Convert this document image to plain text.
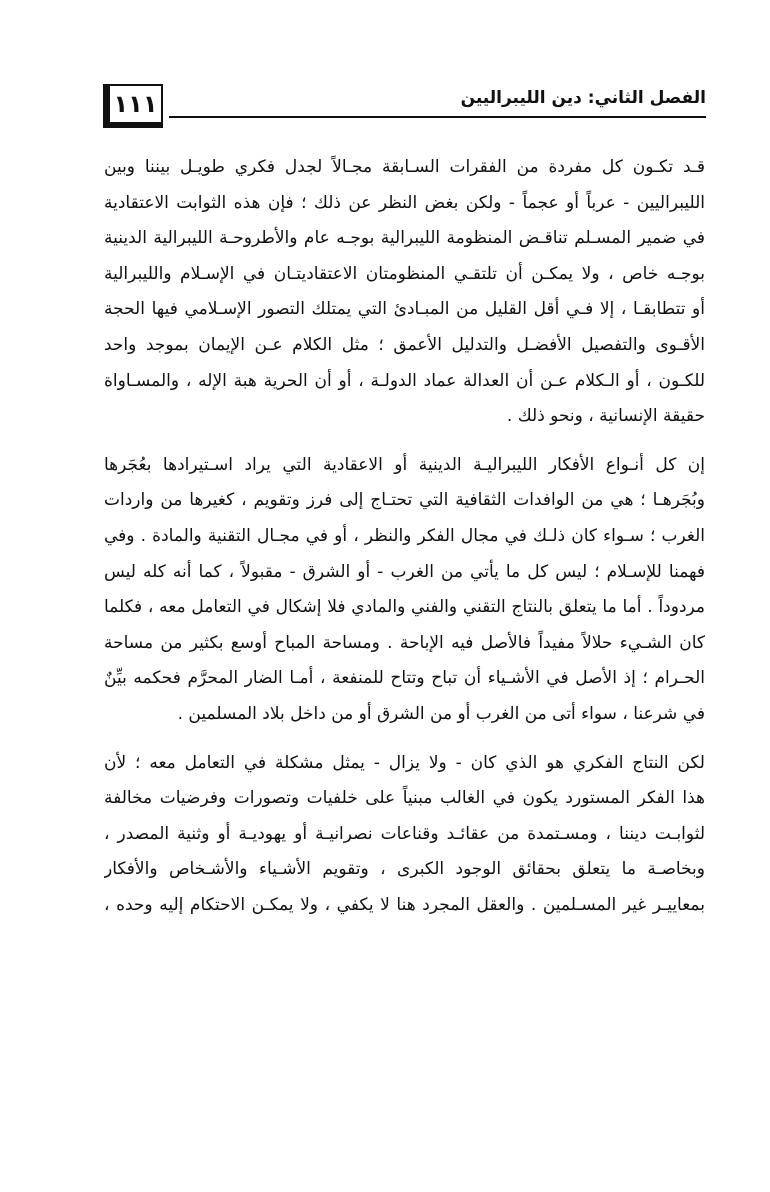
الفصل الثاني: دين الليبراليين
١١١
قـد تكـون كل مفردة من الفقرات السـابقة مجـالاً لجدل فكري طويـل بيننا وبين
الليبراليين - عرباً أو عجماً - ولكن بغض النظر عن ذلك ؛ فإن هذه الثوابت الاعتقادية
في ضمير المسـلم تناقـض المنظومة الليبرالية بوجـه عام والأطروحـة الليبرالية الدينية
بوجـه خاص ، ولا يمكـن أن تلتقـي المنظومتان الاعتقاديتـان في الإسـلام والليبرالية
أو تتطابقـا ، إلا فـي أقل القليل من المبـادئ التي يمتلك التصور الإسـلامي فيها الحجة
الأقـوى والتفصيل الأفضـل والتدليل الأعمق ؛ مثل الكلام عـن الإيمان بموجد واحد
للكـون ، أو الـكلام عـن أن العدالة عماد الدولـة ، أو أن الحرية هبة الإله ، والمسـاواة
حقيقة الإنسانية ، ونحو ذلك .
إن كل أنـواع الأفكار الليبراليـة الدينية أو الاعقادية التي يراد اسـتيرادها بعُجَرها
وبُجَرهـا ؛ هي من الوافدات الثقافية التي تحتـاج إلى فرز وتقويم ، كغيرها من واردات
الغرب ؛ سـواء كان ذلـك في مجال الفكر والنظر ، أو في مجـال التقنية والمادة . وفي
فهمنا للإسـلام ؛ ليس كل ما يأتي من الغرب - أو الشرق - مقبولاً ، كما أنه كله ليس
مردوداً . أما ما يتعلق بالنتاج التقني والفني والمادي فلا إشكال في التعامل معه ، فكلما
كان الشـيء حلالاً مفيداً فالأصل فيه الإباحة . ومساحة المباح أوسع بكثير من مساحة
الحـرام ؛ إذ الأصل في الأشـياء أن تباح وتتاح للمنفعة ، أمـا الضار المحرَّم فحكمه بيِّنٌ
في شرعنا ، سواء أتى من الغرب أو من الشرق أو من داخل بلاد المسلمين .
لكن النتاج الفكري هو الذي كان - ولا يزال - يمثل مشكلة في التعامل معه ؛ لأن
هذا الفكر المستورد يكون في الغالب مبنياً على خلفيات وتصورات وفرضيات مخالفة
لثوابـت ديننا ، ومسـتمدة من عقائـد وقناعات نصرانيـة أو يهوديـة أو وثنية المصدر ،
وبخاصـة ما يتعلق بحقائق الوجود الكبرى ، وتقويم الأشـياء والأشـخاص والأفكار
بمعاييـر غير المسـلمين . والعقل المجرد هنا لا يكفي ، ولا يمكـن الاحتكام إليه وحده ،
